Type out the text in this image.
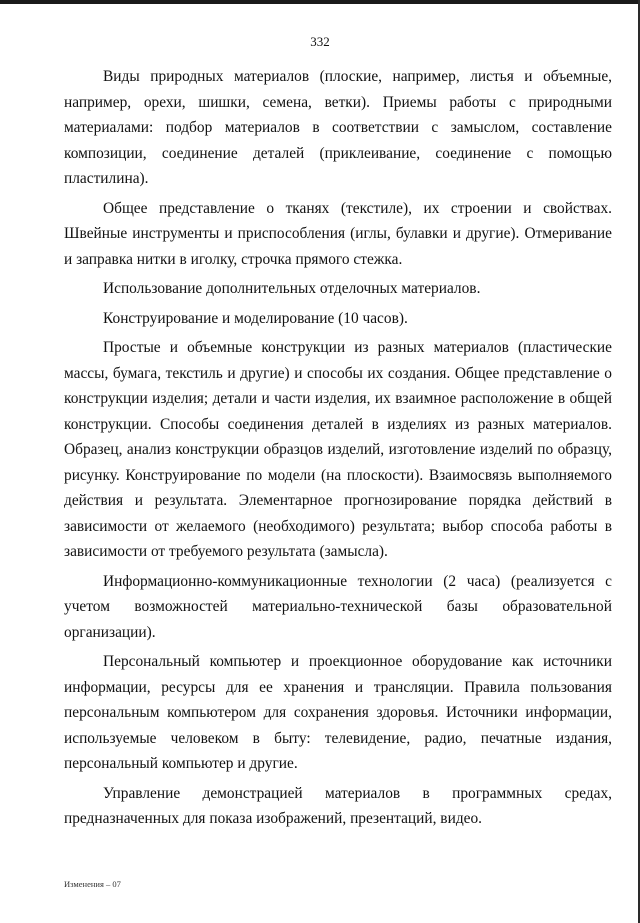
332

Виды природных материалов (плоские, например, листья и объемные, например, орехи, шишки, семена, ветки). Приемы работы с природными материалами: подбор материалов в соответствии с замыслом, составление композиции, соединение деталей (приклеивание, соединение с помощью пластилина).

Общее представление о тканях (текстиле), их строении и свойствах. Швейные инструменты и приспособления (иглы, булавки и другие). Отмеривание и заправка нитки в иголку, строчка прямого стежка.

Использование дополнительных отделочных материалов.

Конструирование и моделирование (10 часов).

Простые и объемные конструкции из разных материалов (пластические массы, бумага, текстиль и другие) и способы их создания. Общее представление о конструкции изделия; детали и части изделия, их взаимное расположение в общей конструкции. Способы соединения деталей в изделиях из разных материалов. Образец, анализ конструкции образцов изделий, изготовление изделий по образцу, рисунку. Конструирование по модели (на плоскости). Взаимосвязь выполняемого действия и результата. Элементарное прогнозирование порядка действий в зависимости от желаемого (необходимого) результата; выбор способа работы в зависимости от требуемого результата (замысла).

Информационно-коммуникационные технологии (2 часа) (реализуется с учетом возможностей материально-технической базы образовательной организации).

Персональный компьютер и проекционное оборудование как источники информации, ресурсы для ее хранения и трансляции. Правила пользования персональным компьютером для сохранения здоровья. Источники информации, используемые человеком в быту: телевидение, радио, печатные издания, персональный компьютер и другие.

Управление демонстрацией материалов в программных средах, предназначенных для показа изображений, презентаций, видео.

Изменения – 07
